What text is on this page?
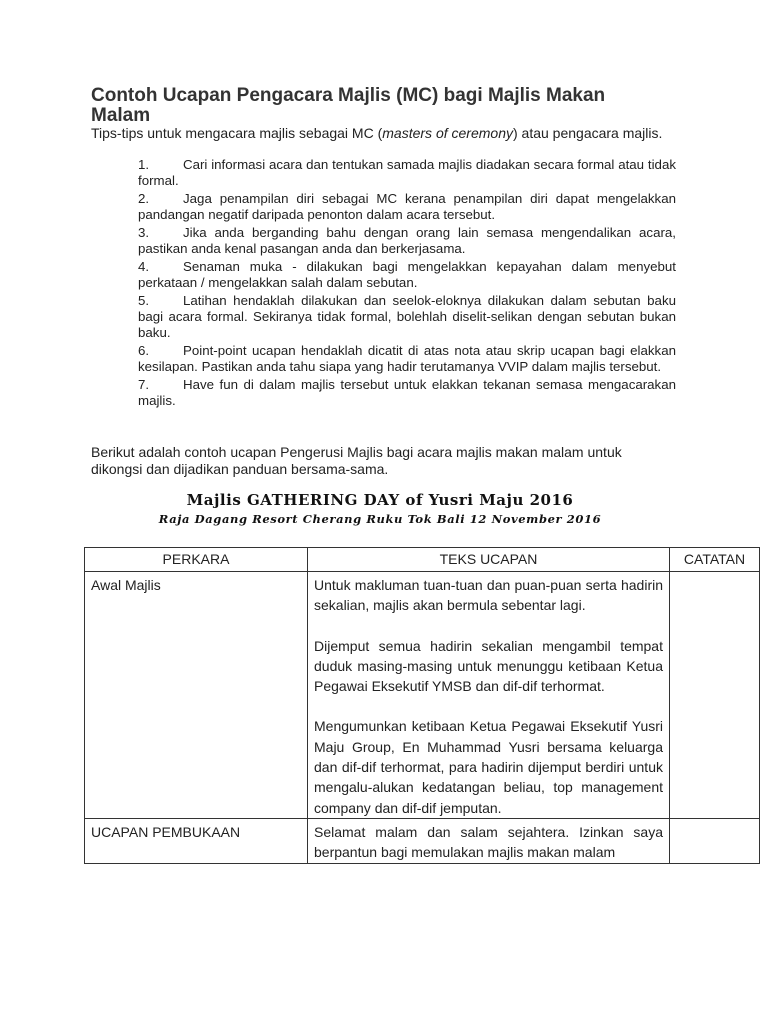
Contoh Ucapan Pengacara Majlis (MC) bagi Majlis Makan Malam
Tips-tips untuk mengacara majlis sebagai MC (masters of ceremony) atau pengacara majlis.
1.	Cari informasi acara dan tentukan samada majlis diadakan secara formal atau tidak formal.
2.	Jaga penampilan diri sebagai MC kerana penampilan diri dapat mengelakkan pandangan negatif daripada penonton dalam acara tersebut.
3.	Jika anda berganding bahu dengan orang lain semasa mengendalikan acara, pastikan anda kenal pasangan anda dan berkerjasama.
4.	Senaman muka - dilakukan bagi mengelakkan kepayahan dalam menyebut perkataan / mengelakkan salah dalam sebutan.
5.	Latihan hendaklah dilakukan dan seelok-eloknya dilakukan dalam sebutan baku bagi acara formal. Sekiranya tidak formal, bolehlah diselit-selikan dengan sebutan bukan baku.
6.	Point-point ucapan hendaklah dicatit di atas nota atau skrip ucapan bagi elakkan kesilapan. Pastikan anda tahu siapa yang hadir terutamanya VVIP dalam majlis tersebut.
7.	Have fun di dalam majlis tersebut untuk elakkan tekanan semasa mengacarakan majlis.
Berikut adalah contoh ucapan Pengerusi Majlis bagi acara majlis makan malam untuk dikongsi dan dijadikan panduan bersama-sama.
Majlis GATHERING DAY of Yusri Maju 2016
Raja Dagang Resort Cherang Ruku Tok Bali 12 November 2016
PERKARA	TEKS UCAPAN	CATATAN
Awal Majlis	Untuk makluman tuan-tuan dan puan-puan serta hadirin sekalian, majlis akan bermula sebentar lagi.

Dijemput semua hadirin sekalian mengambil tempat duduk masing-masing untuk menunggu ketibaan Ketua Pegawai Eksekutif YMSB dan dif-dif terhormat.

Mengumunkan ketibaan Ketua Pegawai Eksekutif Yusri Maju Group, En Muhammad Yusri bersama keluarga dan dif-dif terhormat, para hadirin dijemput berdiri untuk mengalu-alukan kedatangan beliau, top management company dan dif-dif jemputan.	

UCAPAN PEMBUKAAN	Selamat malam dan salam sejahtera. Izinkan saya berpantun bagi memulakan majlis makan malam	
